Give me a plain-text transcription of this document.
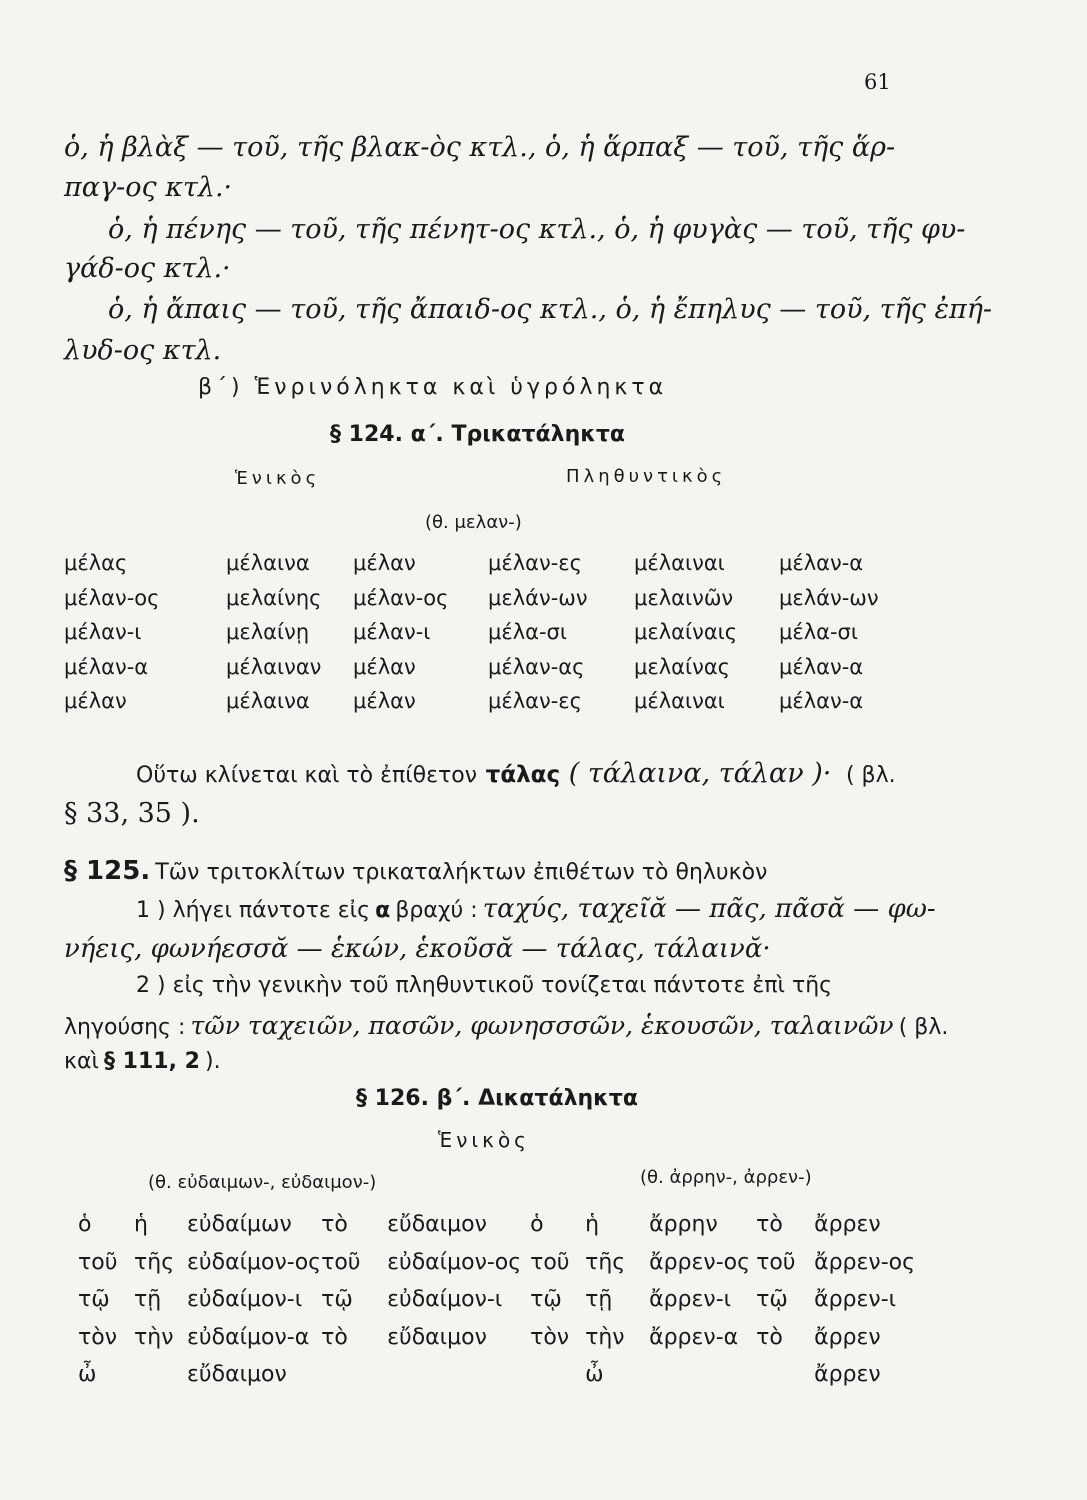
61
ὁ, ἡ βλὰξ — τοῦ, τῆς βλακ-ὸς κτλ., ὁ, ἡ ἅρπαξ — τοῦ, τῆς ἅρ-
παγ-ος κτλ.·
ὁ, ἡ πένης — τοῦ, τῆς πένητ-ος κτλ., ὁ, ἡ φυγὰς — τοῦ, τῆς φυ-
γάδ-ος κτλ.·
ὁ, ἡ ἄπαις — τοῦ, τῆς ἄπαιδ-ος κτλ., ὁ, ἡ ἔπηλυς — τοῦ, τῆς ἐπή-
λυδ-ος κτλ.
β΄) Ἑνρινόληκτα καὶ ὑγρόληκτα
§ 124. α΄. Τρικατάληκτα
Ἑνικὸς	Πληθυντικὸς
(θ. μελαν-)
μέλας	μέλαινα	μέλαν	μέλαν-ες	μέλαιναι	μέλαν-α
μέλαν-ος	μελαίνης	μέλαν-ος	μελάν-ων	μελαινῶν	μελάν-ων
μέλαν-ι	μελαίνῃ	μέλαν-ι	μέλα-σι	μελαίναις	μέλα-σι
μέλαν-α	μέλαιναν	μέλαν	μέλαν-ας	μελαίνας	μέλαν-α
μέλαν	μέλαινα	μέλαν	μέλαν-ες	μέλαιναι	μέλαν-α
Οὕτω κλίνεται καὶ τὸ ἐπίθετον τάλας ( τάλαινα, τάλαν )· ( βλ.
§ 33, 35 ).
§ 125. Τῶν τριτοκλίτων τρικαταλήκτων ἐπιθέτων τὸ θηλυκὸν
1 ) λήγει πάντοτε εἰς α βραχύ : ταχύς, ταχεῖᾰ — πᾶς, πᾶσᾰ — φω-
νήεις, φωνήεσσᾰ — ἑκών, ἑκοῦσᾰ — τάλας, τάλαινᾰ·
2 ) εἰς τὴν γενικὴν τοῦ πληθυντικοῦ τονίζεται πάντοτε ἐπὶ τῆς
ληγούσης : τῶν ταχειῶν, πασῶν, φωνησσσῶν, ἑκουσῶν, ταλαινῶν ( βλ.
καὶ § 111, 2 ).
§ 126. β΄. Δικατάληκτα
Ἑνικὸς
(θ. εὐδαιμων-, εὐδαιμον-)	(θ. ἀρρην-, ἀρρεν-)
ὁ	ἡ	εὐδαίμων	τὸ	εὔδαιμον	ὁ	ἡ	ἄρρην	τὸ	ἄρρεν
τοῦ	τῆς	εὐδαίμον-ος	τοῦ	εὐδαίμον-ος	τοῦ	τῆς	ἄρρεν-ος	τοῦ	ἄρρεν-ος
τῷ	τῇ	εὐδαίμον-ι	τῷ	εὐδαίμον-ι	τῷ	τῇ	ἄρρεν-ι	τῷ	ἄρρεν-ι
τὸν	τὴν	εὐδαίμον-α	τὸ	εὔδαιμον	τὸν	τὴν	ἄρρεν-α	τὸ	ἄρρεν
ὦ		εὔδαιμον				ὦ			ἄρρεν
